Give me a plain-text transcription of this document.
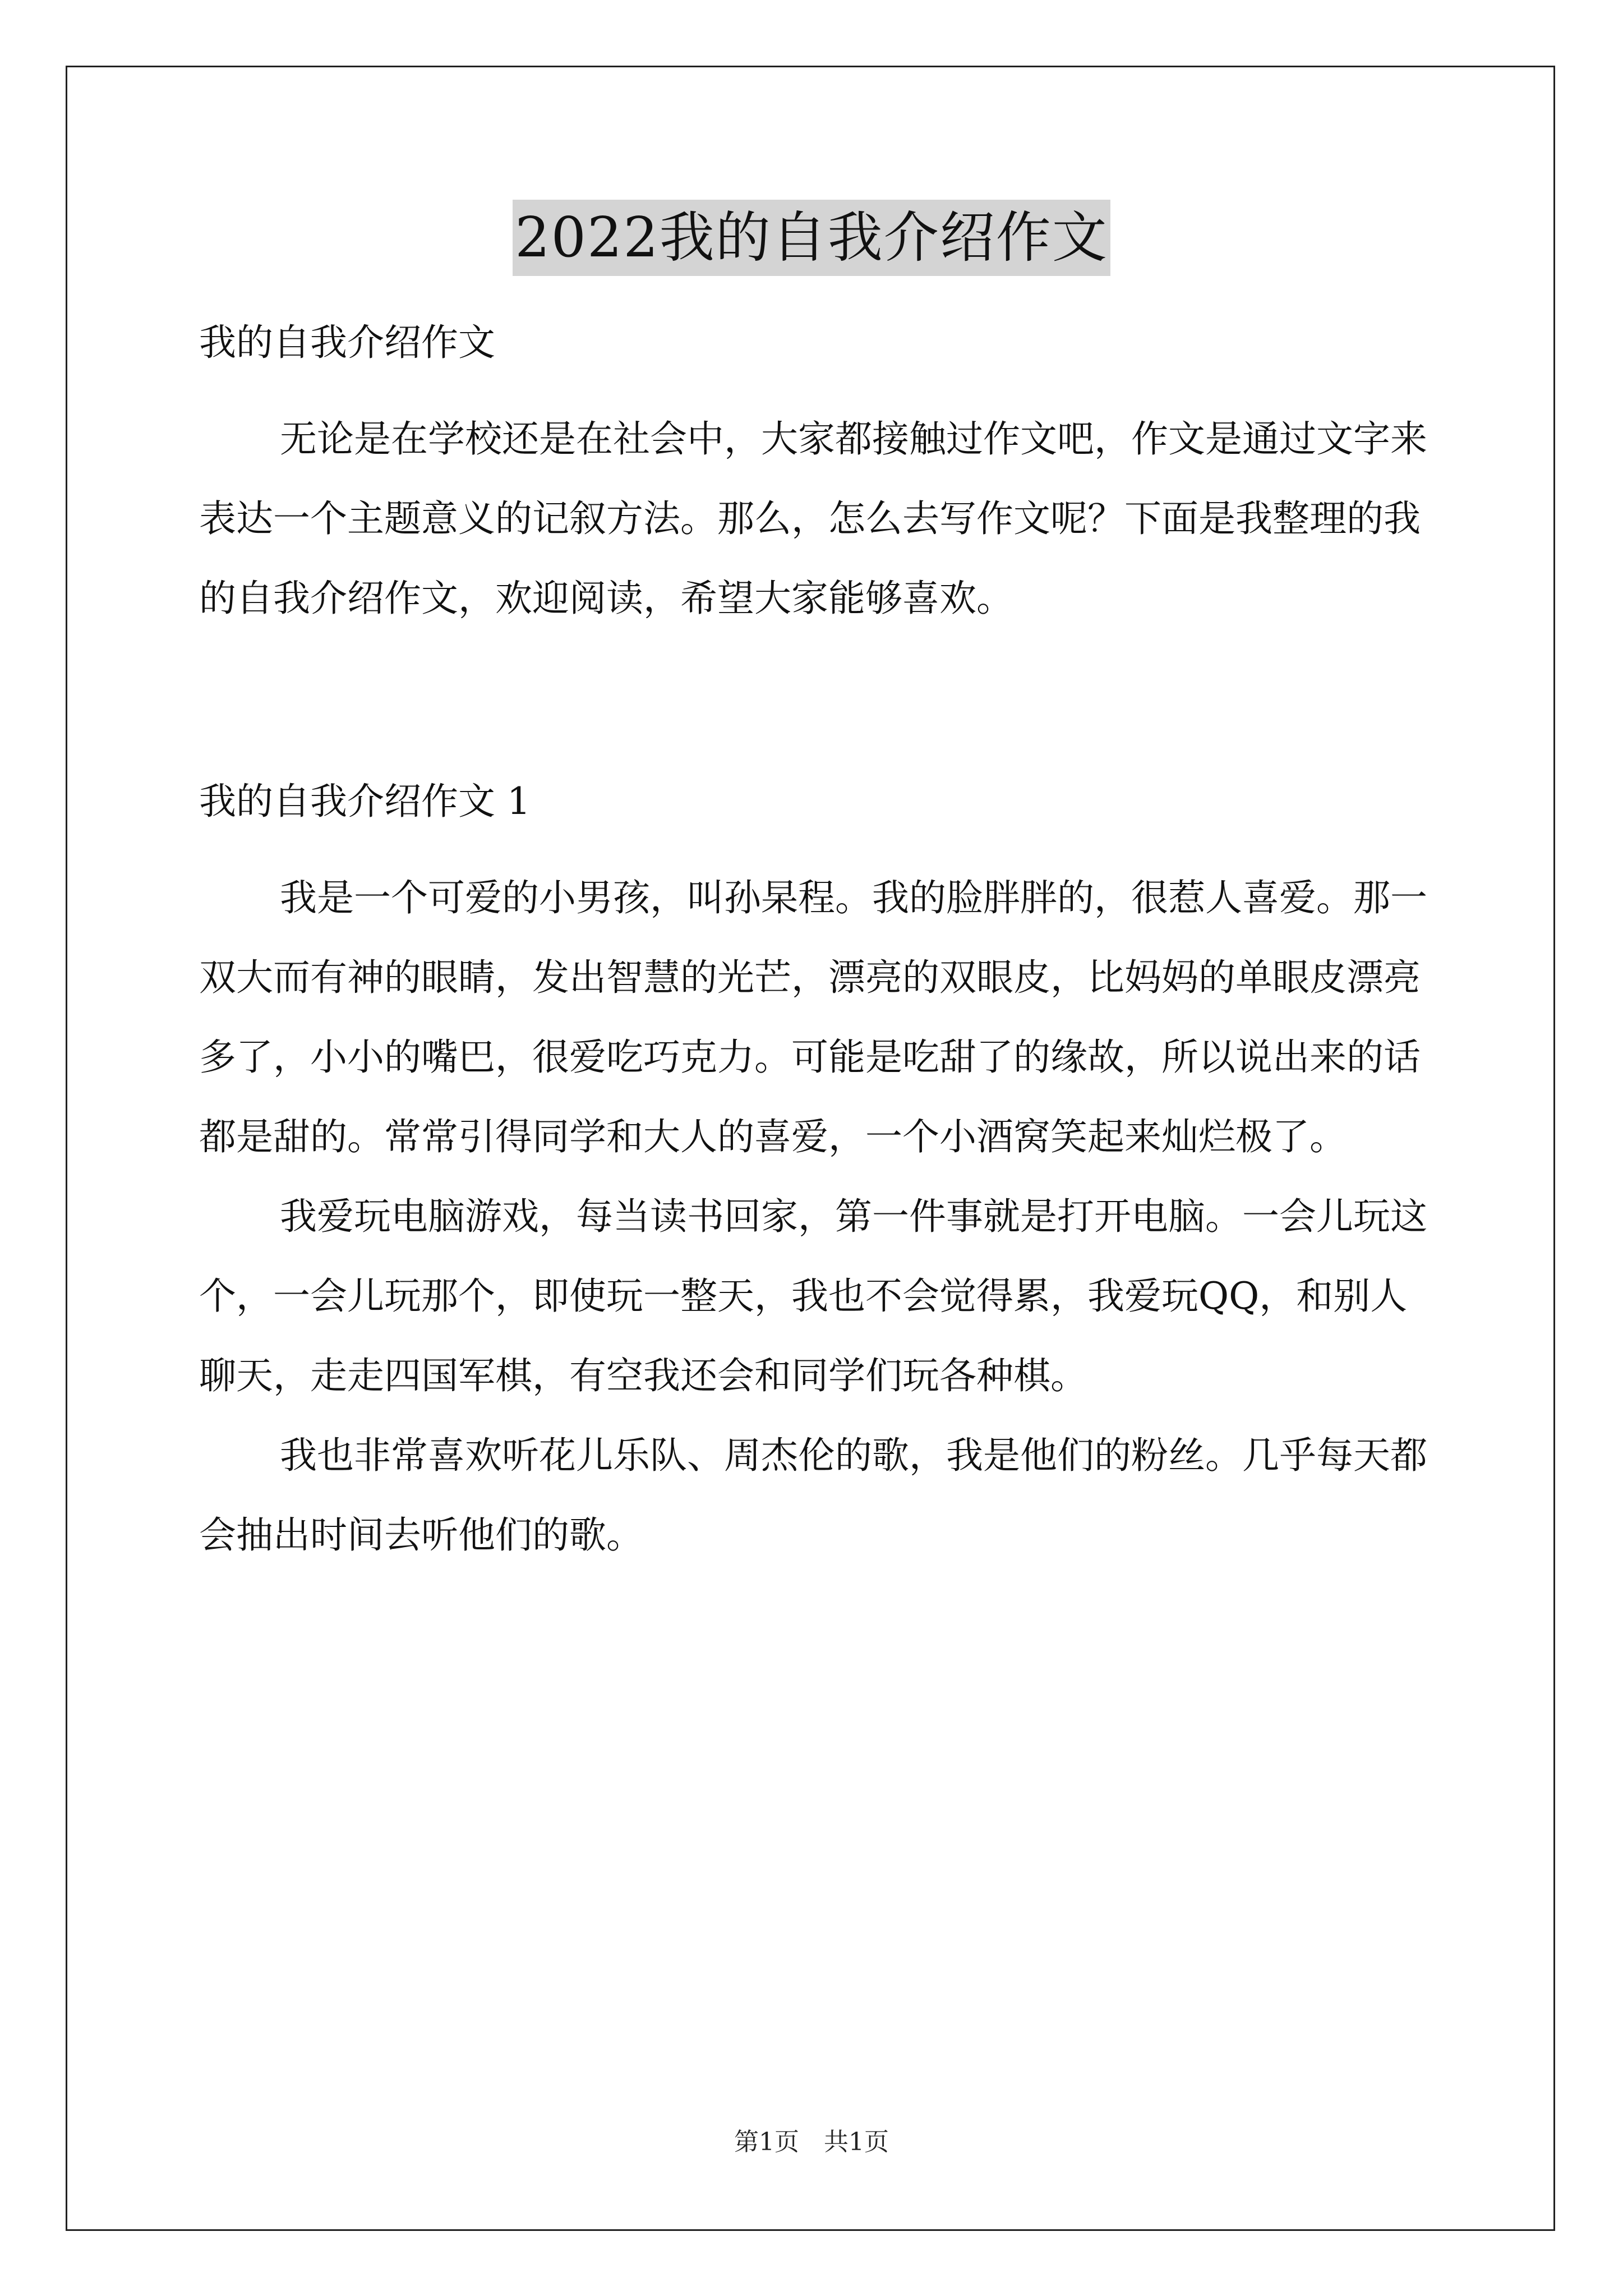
2022我的自我介绍作文

我的自我介绍作文

无论是在学校还是在社会中，大家都接触过作文吧，作文是通过文字来表达一个主题意义的记叙方法。那么，怎么去写作文呢？下面是我整理的我的自我介绍作文，欢迎阅读，希望大家能够喜欢。

我的自我介绍作文 1

我是一个可爱的小男孩，叫孙杲程。我的脸胖胖的，很惹人喜爱。那一双大而有神的眼睛，发出智慧的光芒，漂亮的双眼皮，比妈妈的单眼皮漂亮多了，小小的嘴巴，很爱吃巧克力。可能是吃甜了的缘故，所以说出来的话都是甜的。常常引得同学和大人的喜爱，一个小酒窝笑起来灿烂极了。

我爱玩电脑游戏，每当读书回家，第一件事就是打开电脑。一会儿玩这个，一会儿玩那个，即使玩一整天，我也不会觉得累，我爱玩QQ，和别人聊天，走走四国军棋，有空我还会和同学们玩各种棋。

我也非常喜欢听花儿乐队、周杰伦的歌，我是他们的粉丝。几乎每天都会抽出时间去听他们的歌。

第1页　共1页
